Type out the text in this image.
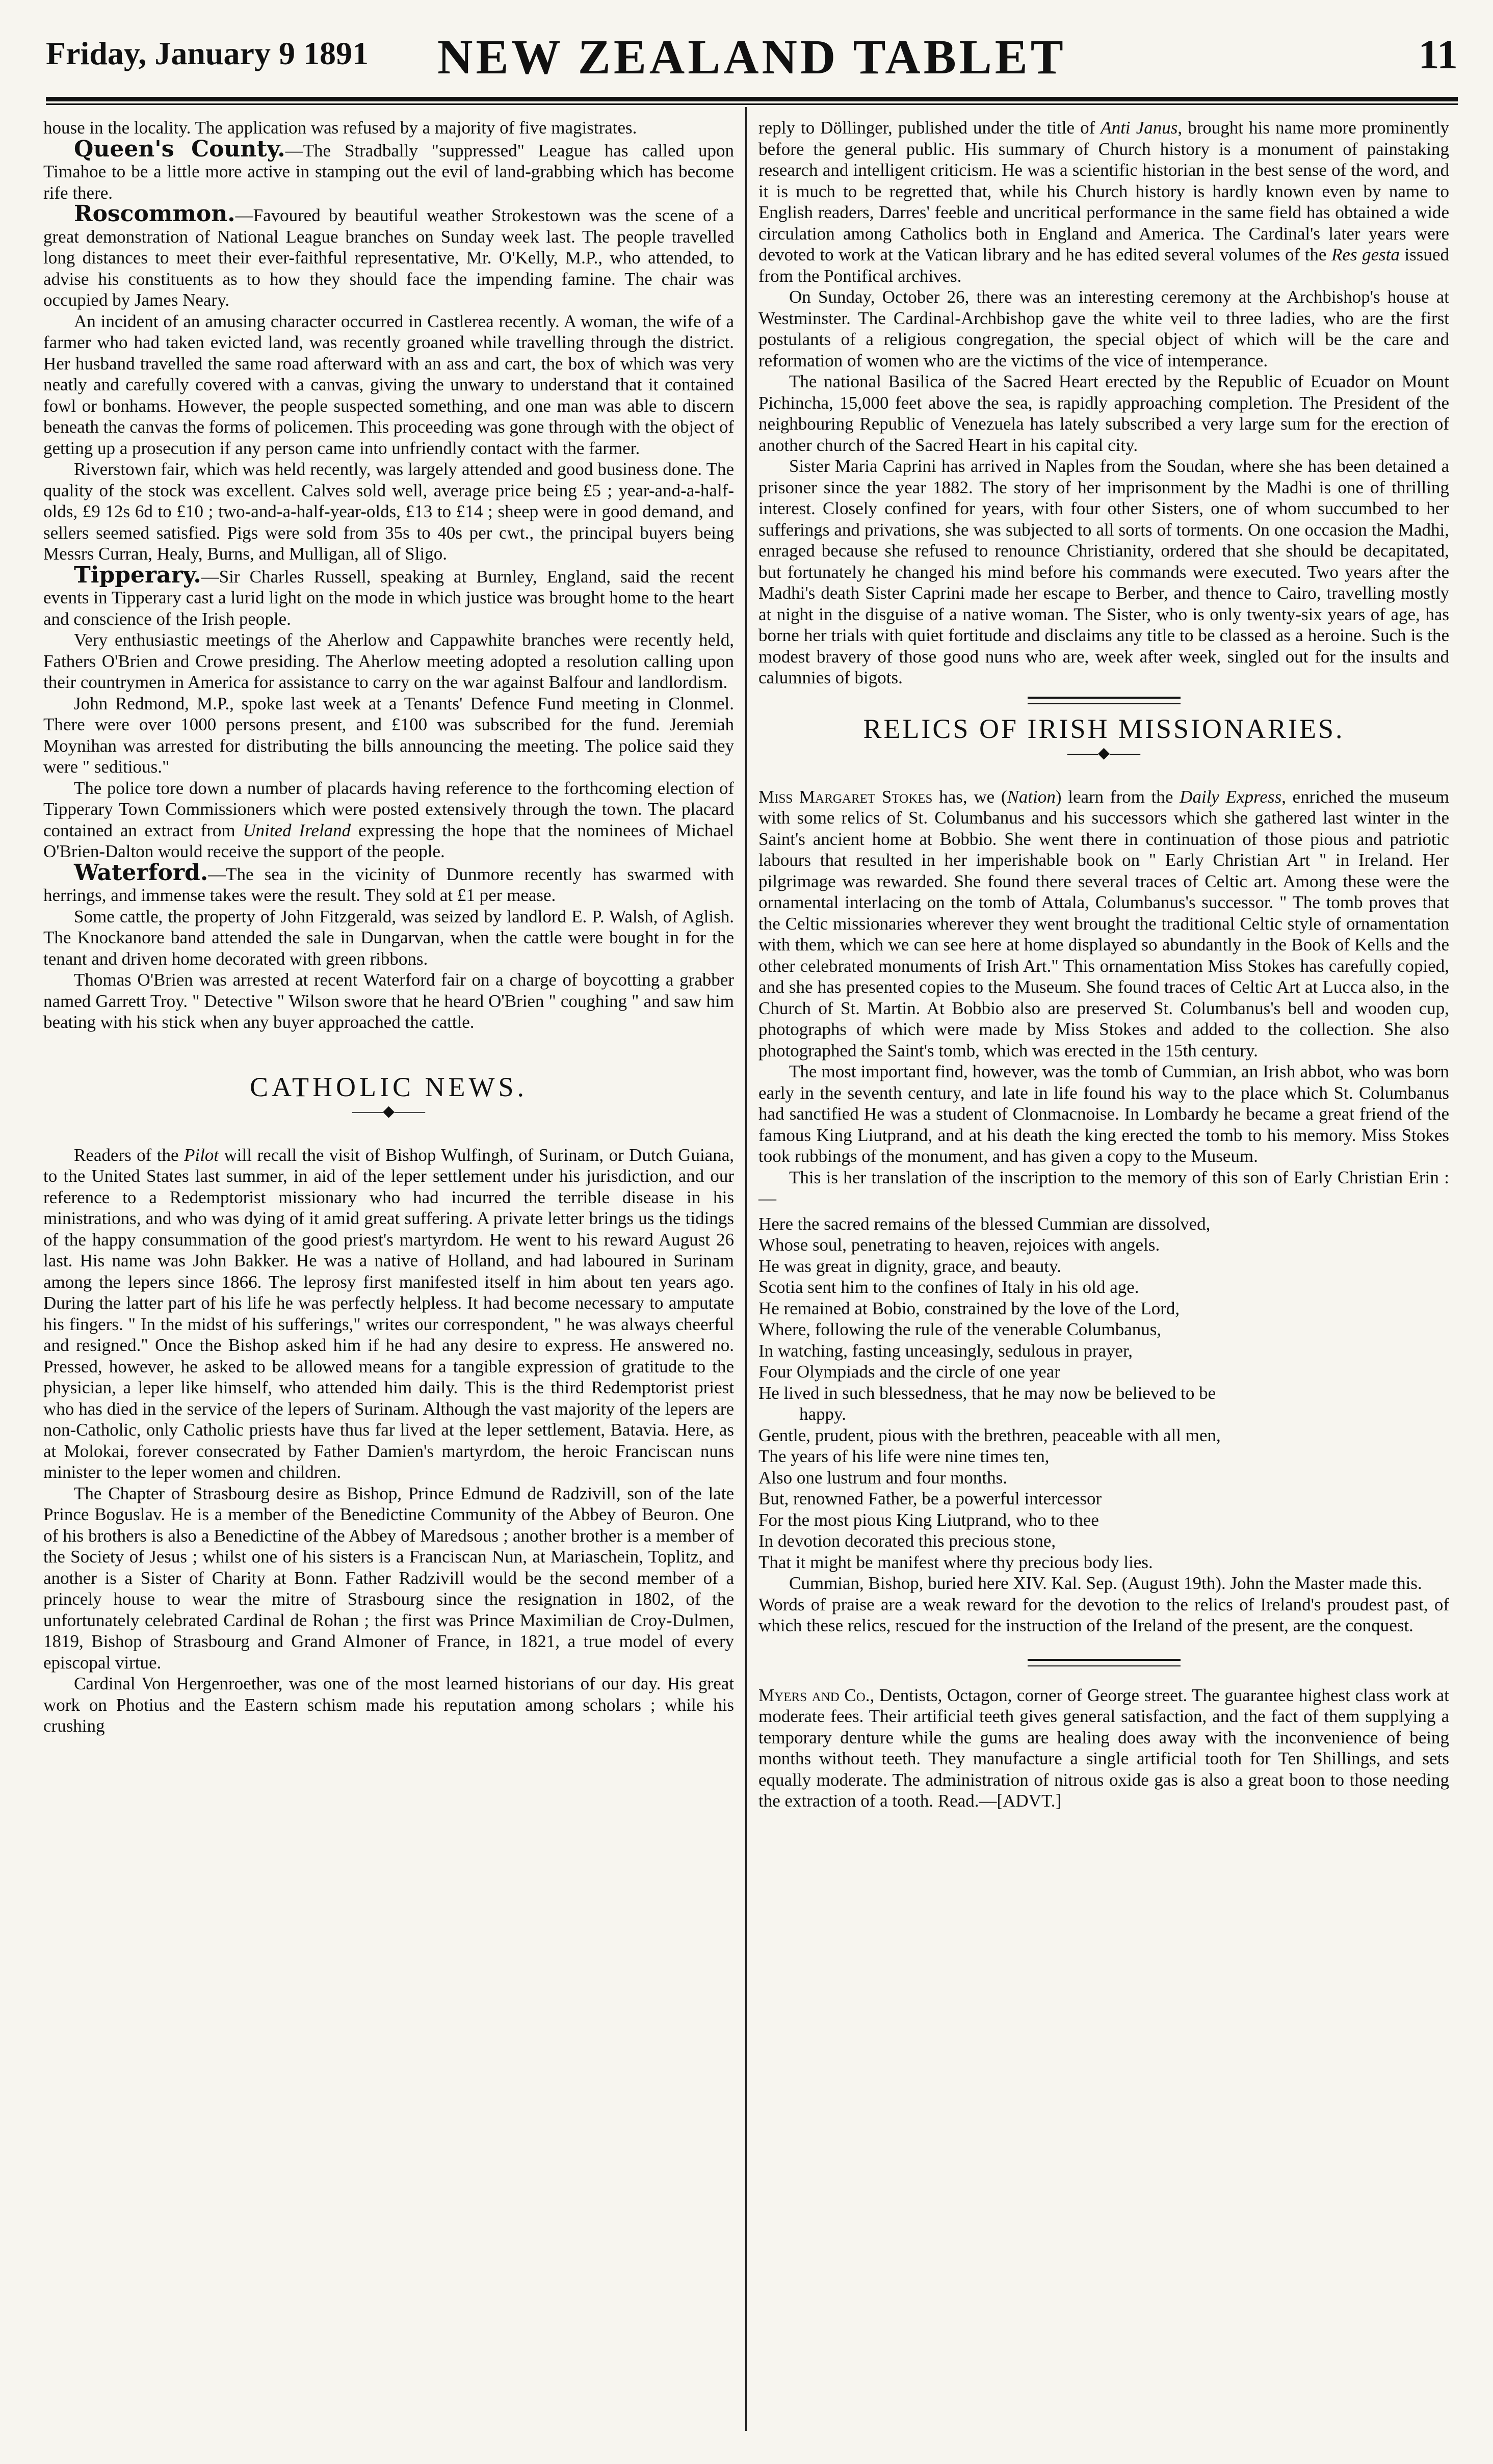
Friday, January 9 1891	NEW ZEALAND TABLET	11

house in the locality. The application was refused by a majority of five magistrates.

Queen's County.—The Stradbally "suppressed" League has called upon Timahoe to be a little more active in stamping out the evil of land-grabbing which has become rife there.

Roscommon.—Favoured by beautiful weather Strokestown was the scene of a great demonstration of National League branches on Sunday week last. The people travelled long distances to meet their ever-faithful representative, Mr. O'Kelly, M.P., who attended, to advise his constituents as to how they should face the impending famine. The chair was occupied by James Neary.

An incident of an amusing character occurred in Castlerea recently. A woman, the wife of a farmer who had taken evicted land, was recently groaned while travelling through the district. Her husband travelled the same road afterward with an ass and cart, the box of which was very neatly and carefully covered with a canvas, giving the unwary to understand that it contained fowl or bonhams. However, the people suspected something, and one man was able to discern beneath the canvas the forms of policemen. This proceeding was gone through with the object of getting up a prosecution if any person came into unfriendly contact with the farmer.

Riverstown fair, which was held recently, was largely attended and good business done. The quality of the stock was excellent. Calves sold well, average price being £5 ; year-and-a-half-olds, £9 12s 6d to £10 ; two-and-a-half-year-olds, £13 to £14 ; sheep were in good demand, and sellers seemed satisfied. Pigs were sold from 35s to 40s per cwt., the principal buyers being Messrs Curran, Healy, Burns, and Mulligan, all of Sligo.

Tipperary.—Sir Charles Russell, speaking at Burnley, England, said the recent events in Tipperary cast a lurid light on the mode in which justice was brought home to the heart and conscience of the Irish people.

Very enthusiastic meetings of the Aherlow and Cappawhite branches were recently held, Fathers O'Brien and Crowe presiding. The Aherlow meeting adopted a resolution calling upon their countrymen in America for assistance to carry on the war against Balfour and landlordism.

John Redmond, M.P., spoke last week at a Tenants' Defence Fund meeting in Clonmel. There were over 1000 persons present, and £100 was subscribed for the fund. Jeremiah Moynihan was arrested for distributing the bills announcing the meeting. The police said they were " seditious."

The police tore down a number of placards having reference to the forthcoming election of Tipperary Town Commissioners which were posted extensively through the town. The placard contained an extract from United Ireland expressing the hope that the nominees of Michael O'Brien-Dalton would receive the support of the people.

Waterford.—The sea in the vicinity of Dunmore recently has swarmed with herrings, and immense takes were the result. They sold at £1 per mease.

Some cattle, the property of John Fitzgerald, was seized by landlord E. P. Walsh, of Aglish. The Knockanore band attended the sale in Dungarvan, when the cattle were bought in for the tenant and driven home decorated with green ribbons.

Thomas O'Brien was arrested at recent Waterford fair on a charge of boycotting a grabber named Garrett Troy. " Detective " Wilson swore that he heard O'Brien " coughing " and saw him beating with his stick when any buyer approached the cattle.

CATHOLIC NEWS.
——◆——

Readers of the Pilot will recall the visit of Bishop Wulfingh, of Surinam, or Dutch Guiana, to the United States last summer, in aid of the leper settlement under his jurisdiction, and our reference to a Redemptorist missionary who had incurred the terrible disease in his ministrations, and who was dying of it amid great suffering. A private letter brings us the tidings of the happy consummation of the good priest's martyrdom. He went to his reward August 26 last. His name was John Bakker. He was a native of Holland, and had laboured in Surinam among the lepers since 1866. The leprosy first manifested itself in him about ten years ago. During the latter part of his life he was perfectly helpless. It had become necessary to amputate his fingers. " In the midst of his sufferings," writes our correspondent, " he was always cheerful and resigned." Once the Bishop asked him if he had any desire to express. He answered no. Pressed, however, he asked to be allowed means for a tangible expression of gratitude to the physician, a leper like himself, who attended him daily. This is the third Redemptorist priest who has died in the service of the lepers of Surinam. Although the vast majority of the lepers are non-Catholic, only Catholic priests have thus far lived at the leper settlement, Batavia. Here, as at Molokai, forever consecrated by Father Damien's martyrdom, the heroic Franciscan nuns minister to the leper women and children.

The Chapter of Strasbourg desire as Bishop, Prince Edmund de Radzivill, son of the late Prince Boguslav. He is a member of the Benedictine Community of the Abbey of Beuron. One of his brothers is also a Benedictine of the Abbey of Maredsous ; another brother is a member of the Society of Jesus ; whilst one of his sisters is a Franciscan Nun, at Mariaschein, Toplitz, and another is a Sister of Charity at Bonn. Father Radzivill would be the second member of a princely house to wear the mitre of Strasbourg since the resignation in 1802, of the unfortunately celebrated Cardinal de Rohan ; the first was Prince Maximilian de Croy-Dulmen, 1819, Bishop of Strasbourg and Grand Almoner of France, in 1821, a true model of every episcopal virtue.

Cardinal Von Hergenroether, was one of the most learned historians of our day. His great work on Photius and the Eastern schism made his reputation among scholars ; while his crushing

reply to Döllinger, published under the title of Anti Janus, brought his name more prominently before the general public. His summary of Church history is a monument of painstaking research and intelligent criticism. He was a scientific historian in the best sense of the word, and it is much to be regretted that, while his Church history is hardly known even by name to English readers, Darres' feeble and uncritical performance in the same field has obtained a wide circulation among Catholics both in England and America. The Cardinal's later years were devoted to work at the Vatican library and he has edited several volumes of the Res gesta issued from the Pontifical archives.

On Sunday, October 26, there was an interesting ceremony at the Archbishop's house at Westminster. The Cardinal-Archbishop gave the white veil to three ladies, who are the first postulants of a religious congregation, the special object of which will be the care and reformation of women who are the victims of the vice of intemperance.

The national Basilica of the Sacred Heart erected by the Republic of Ecuador on Mount Pichincha, 15,000 feet above the sea, is rapidly approaching completion. The President of the neighbouring Republic of Venezuela has lately subscribed a very large sum for the erection of another church of the Sacred Heart in his capital city.

Sister Maria Caprini has arrived in Naples from the Soudan, where she has been detained a prisoner since the year 1882. The story of her imprisonment by the Madhi is one of thrilling interest. Closely confined for years, with four other Sisters, one of whom succumbed to her sufferings and privations, she was subjected to all sorts of torments. On one occasion the Madhi, enraged because she refused to renounce Christianity, ordered that she should be decapitated, but fortunately he changed his mind before his commands were executed. Two years after the Madhi's death Sister Caprini made her escape to Berber, and thence to Cairo, travelling mostly at night in the disguise of a native woman. The Sister, who is only twenty-six years of age, has borne her trials with quiet fortitude and disclaims any title to be classed as a heroine. Such is the modest bravery of those good nuns who are, week after week, singled out for the insults and calumnies of bigots.

RELICS OF IRISH MISSIONARIES.
——◆——

Miss Margaret Stokes has, we (Nation) learn from the Daily Express, enriched the museum with some relics of St. Columbanus and his successors which she gathered last winter in the Saint's ancient home at Bobbio. She went there in continuation of those pious and patriotic labours that resulted in her imperishable book on " Early Christian Art " in Ireland. Her pilgrimage was rewarded. She found there several traces of Celtic art. Among these were the ornamental interlacing on the tomb of Attala, Columbanus's successor. " The tomb proves that the Celtic missionaries wherever they went brought the traditional Celtic style of ornamentation with them, which we can see here at home displayed so abundantly in the Book of Kells and the other celebrated monuments of Irish Art." This ornamentation Miss Stokes has carefully copied, and she has presented copies to the Museum. She found traces of Celtic Art at Lucca also, in the Church of St. Martin. At Bobbio also are preserved St. Columbanus's bell and wooden cup, photographs of which were made by Miss Stokes and added to the collection. She also photographed the Saint's tomb, which was erected in the 15th century.

The most important find, however, was the tomb of Cummian, an Irish abbot, who was born early in the seventh century, and late in life found his way to the place which St. Columbanus had sanctified He was a student of Clonmacnoise. In Lombardy he became a great friend of the famous King Liutprand, and at his death the king erected the tomb to his memory. Miss Stokes took rubbings of the monument, and has given a copy to the Museum.

This is her translation of the inscription to the memory of this son of Early Christian Erin :—

Here the sacred remains of the blessed Cummian are dissolved,
Whose soul, penetrating to heaven, rejoices with angels.
He was great in dignity, grace, and beauty.
Scotia sent him to the confines of Italy in his old age.
He remained at Bobio, constrained by the love of the Lord,
Where, following the rule of the venerable Columbanus,
In watching, fasting unceasingly, sedulous in prayer,
Four Olympiads and the circle of one year
He lived in such blessedness, that he may now be believed to be
happy.
Gentle, prudent, pious with the brethren, peaceable with all men,
The years of his life were nine times ten,
Also one lustrum and four months.
But, renowned Father, be a powerful intercessor
For the most pious King Liutprand, who to thee
In devotion decorated this precious stone,
That it might be manifest where thy precious body lies.

Cummian, Bishop, buried here XIV. Kal. Sep. (August 19th). John the Master made this.

Words of praise are a weak reward for the devotion to the relics of Ireland's proudest past, of which these relics, rescued for the instruction of the Ireland of the present, are the conquest.

Myers and Co., Dentists, Octagon, corner of George street. The guarantee highest class work at moderate fees. Their artificial teeth gives general satisfaction, and the fact of them supplying a temporary denture while the gums are healing does away with the inconvenience of being months without teeth. They manufacture a single artificial tooth for Ten Shillings, and sets equally moderate. The administration of nitrous oxide gas is also a great boon to those needing the extraction of a tooth. Read.—[ADVT.]
